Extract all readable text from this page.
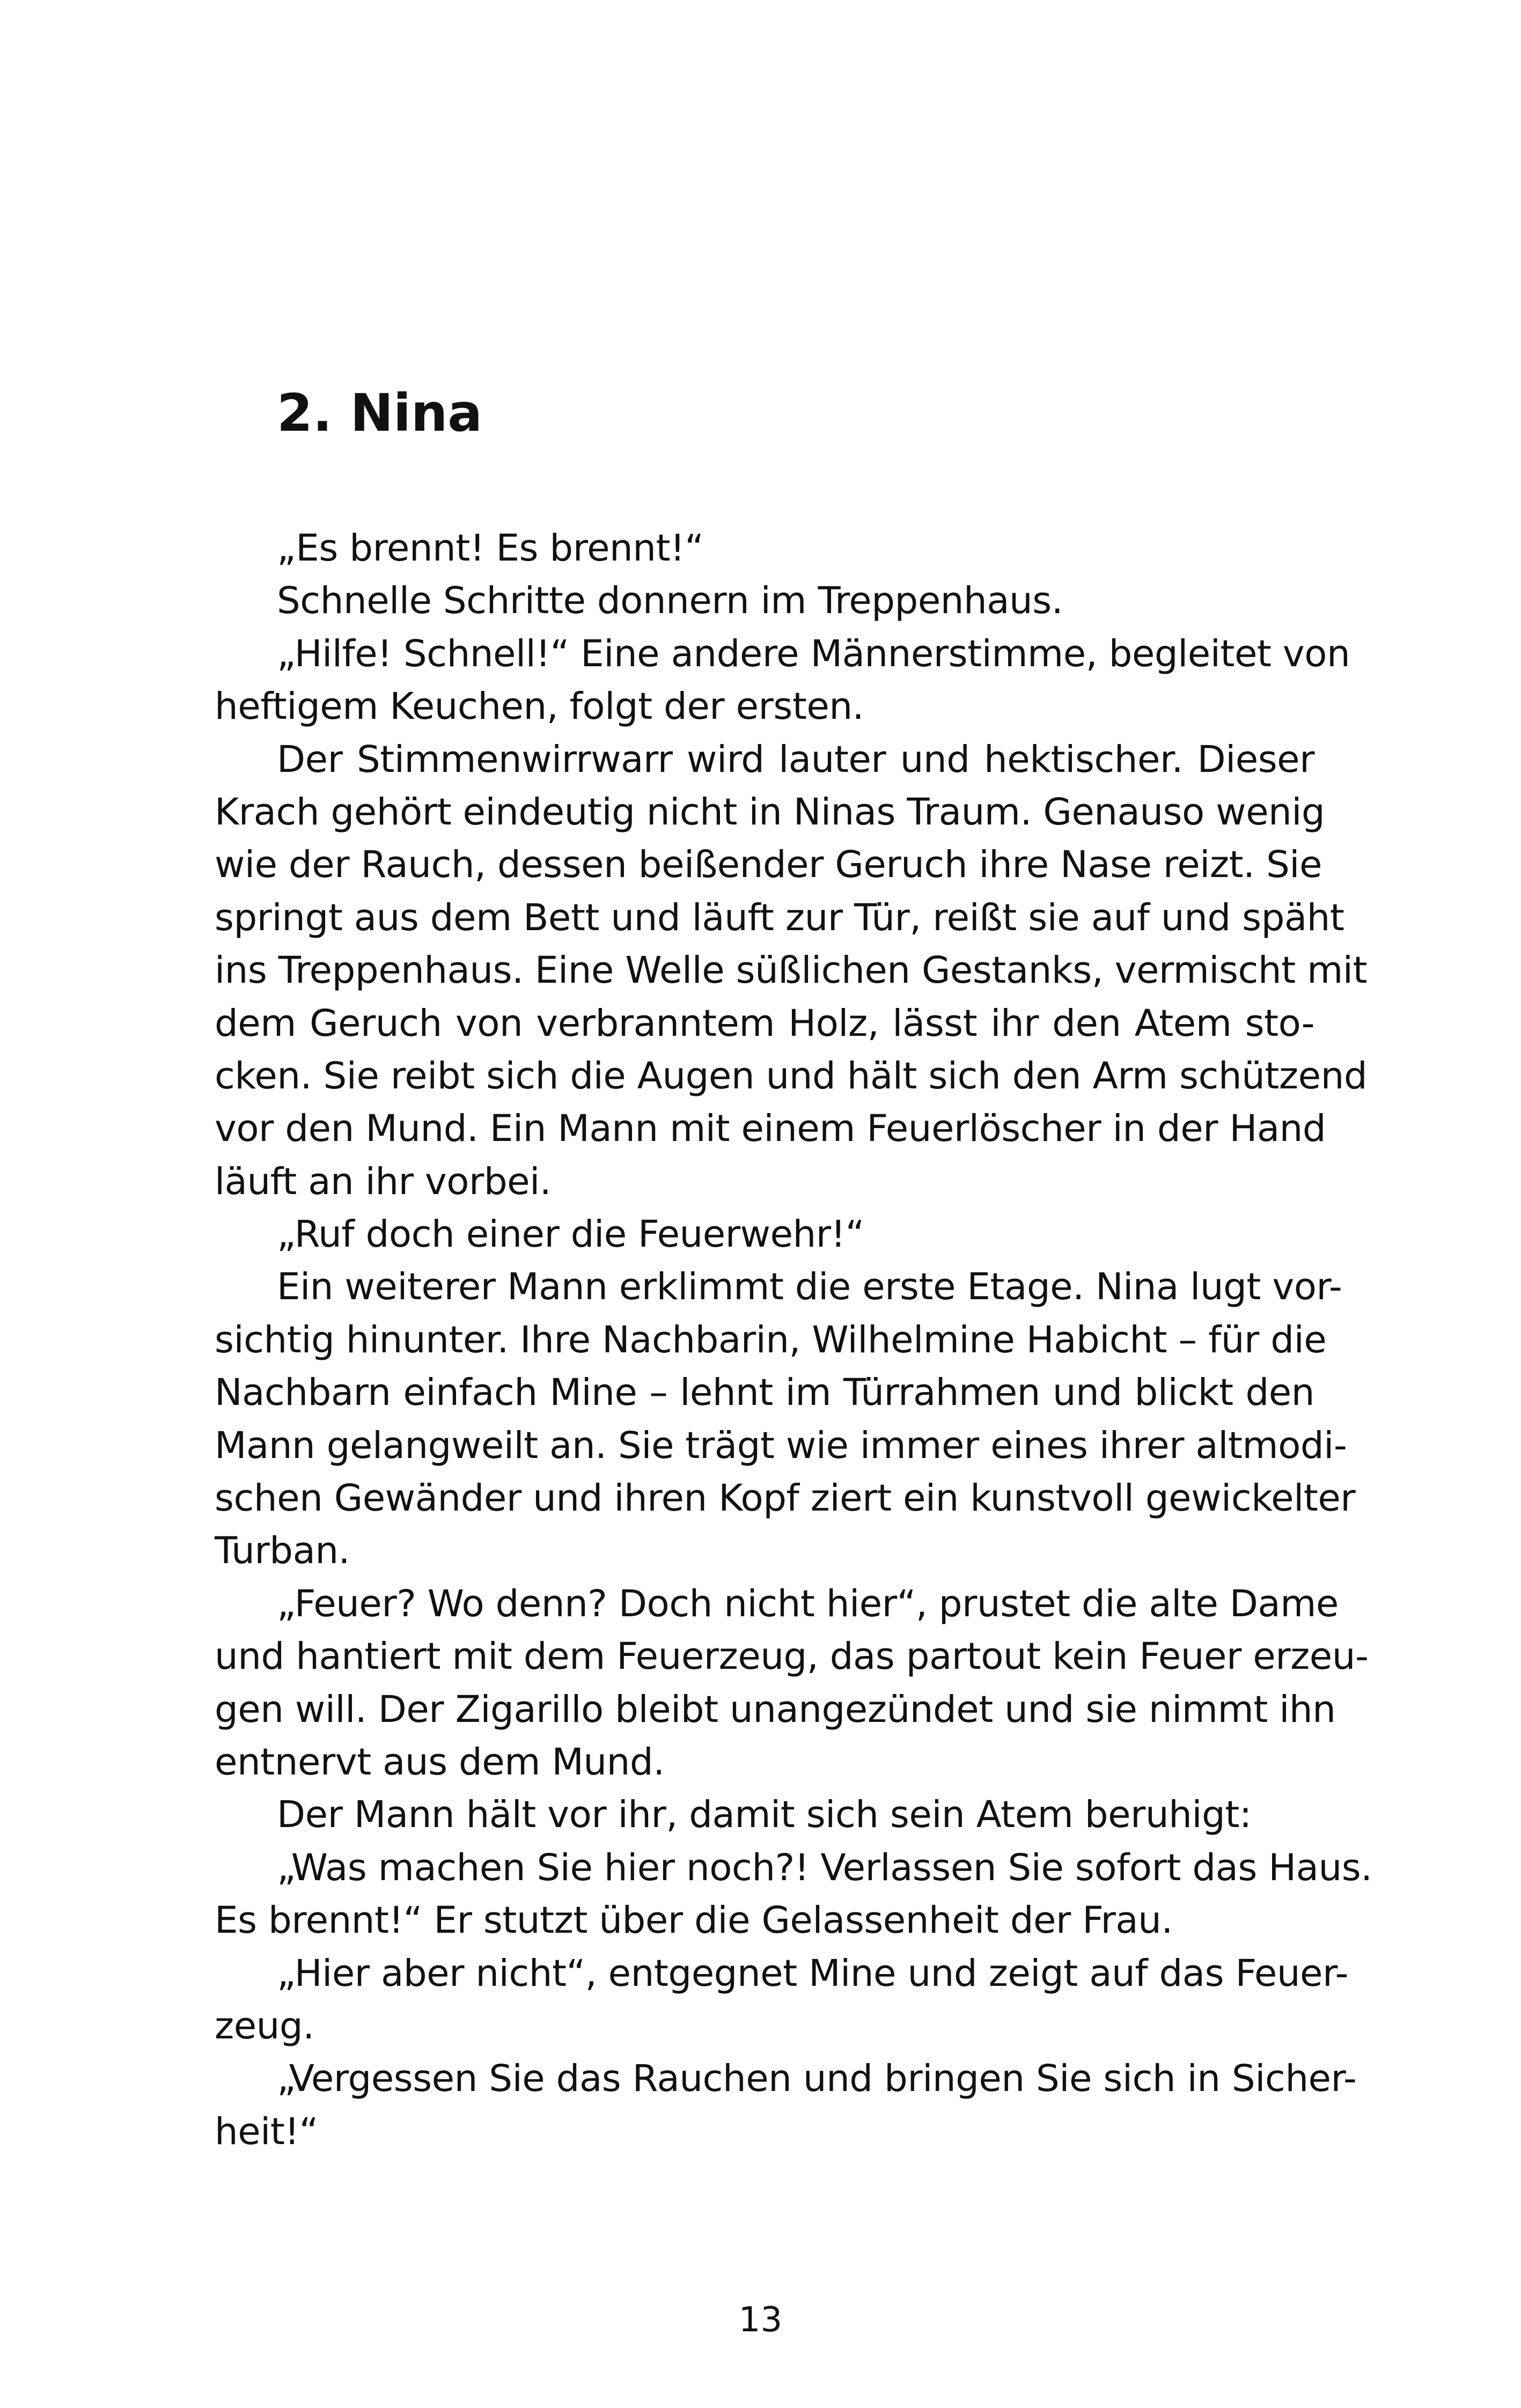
2. Nina

„Es brennt! Es brennt!“

Schnelle Schritte donnern im Treppenhaus.

„Hilfe! Schnell!“ Eine andere Männerstimme, begleitet von
heftigem Keuchen, folgt der ersten.

Der Stimmenwirrwarr wird lauter und hektischer. Dieser
Krach gehört eindeutig nicht in Ninas Traum. Genauso wenig
wie der Rauch, dessen beißender Geruch ihre Nase reizt. Sie
springt aus dem Bett und läuft zur Tür, reißt sie auf und späht
ins Treppenhaus. Eine Welle süßlichen Gestanks, vermischt mit
dem Geruch von verbranntem Holz, lässt ihr den Atem sto-
cken. Sie reibt sich die Augen und hält sich den Arm schützend
vor den Mund. Ein Mann mit einem Feuerlöscher in der Hand
läuft an ihr vorbei.

„Ruf doch einer die Feuerwehr!“

Ein weiterer Mann erklimmt die erste Etage. Nina lugt vor-
sichtig hinunter. Ihre Nachbarin, Wilhelmine Habicht – für die
Nachbarn einfach Mine – lehnt im Türrahmen und blickt den
Mann gelangweilt an. Sie trägt wie immer eines ihrer altmodi-
schen Gewänder und ihren Kopf ziert ein kunstvoll gewickelter
Turban.

„Feuer? Wo denn? Doch nicht hier“, prustet die alte Dame
und hantiert mit dem Feuerzeug, das partout kein Feuer erzeu-
gen will. Der Zigarillo bleibt unangezündet und sie nimmt ihn
entnervt aus dem Mund.

Der Mann hält vor ihr, damit sich sein Atem beruhigt:

„Was machen Sie hier noch?! Verlassen Sie sofort das Haus.
Es brennt!“ Er stutzt über die Gelassenheit der Frau.

„Hier aber nicht“, entgegnet Mine und zeigt auf das Feuer-
zeug.

„Vergessen Sie das Rauchen und bringen Sie sich in Sicher-
heit!“

13
